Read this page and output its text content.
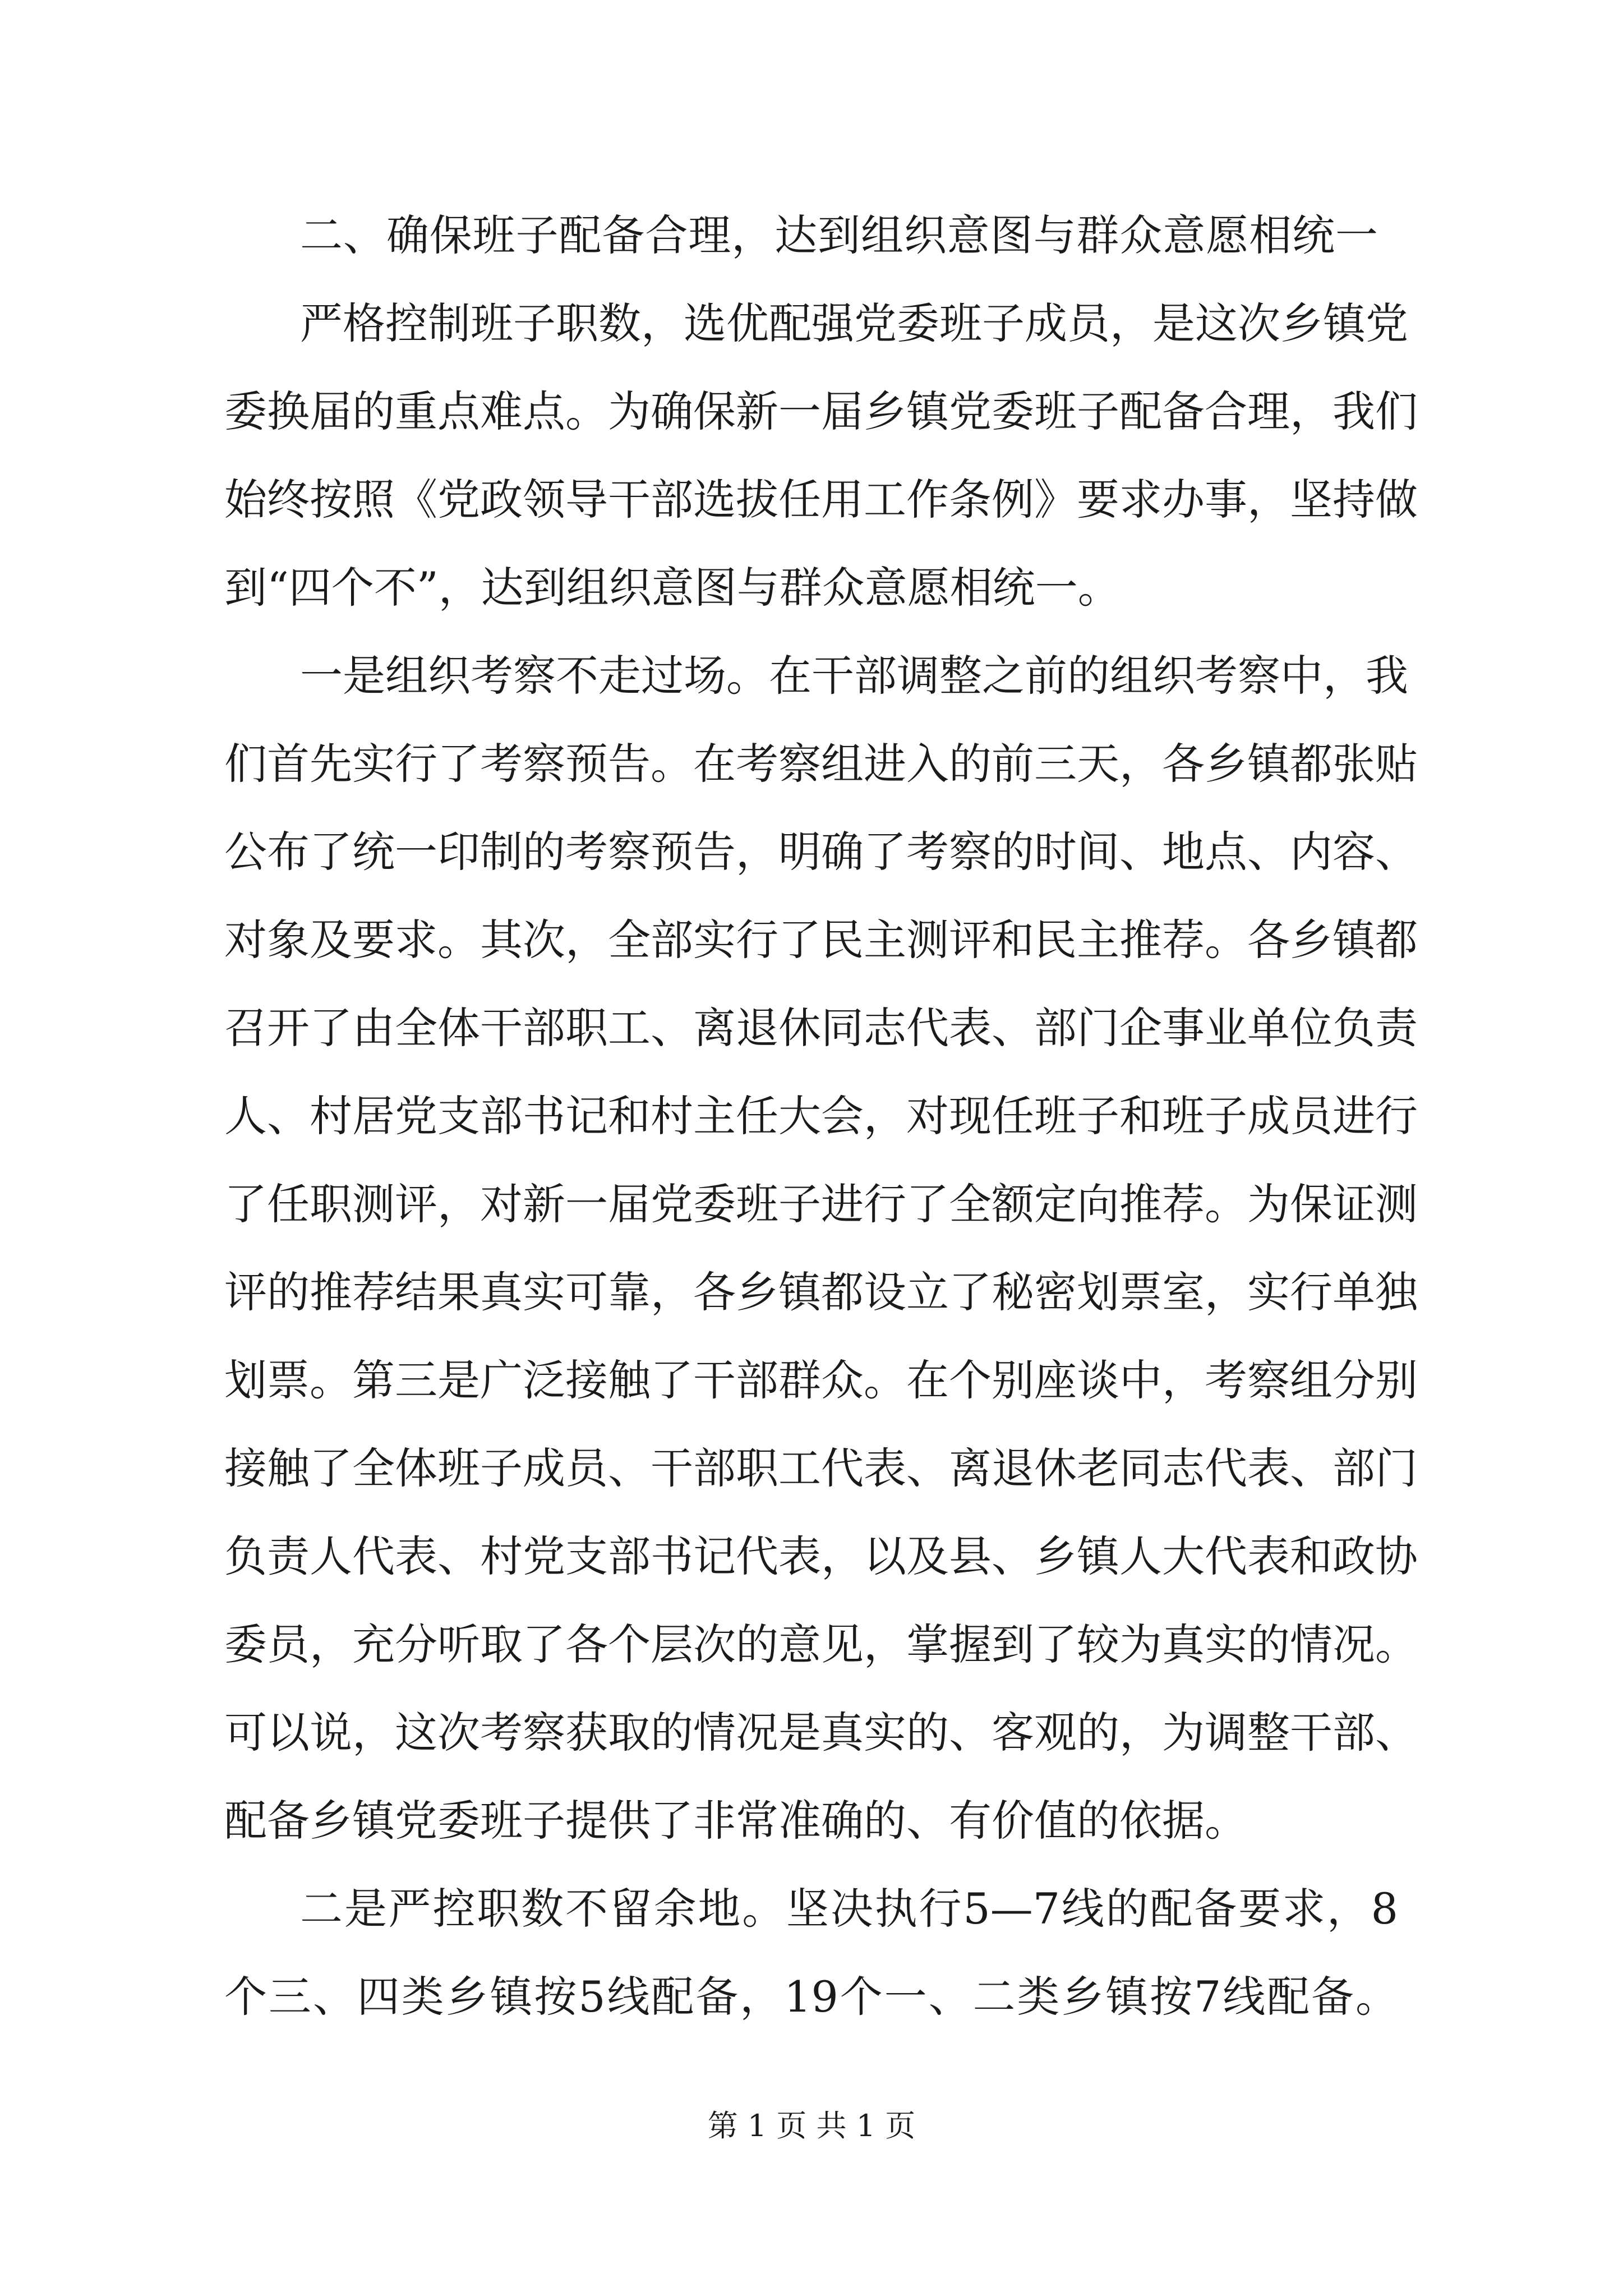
二、确保班子配备合理，达到组织意图与群众意愿相统一
严格控制班子职数，选优配强党委班子成员，是这次乡镇党
委换届的重点难点。为确保新一届乡镇党委班子配备合理，我们
始终按照《党政领导干部选拔任用工作条例》要求办事，坚持做
到“四个不”，达到组织意图与群众意愿相统一。
一是组织考察不走过场。在干部调整之前的组织考察中，我
们首先实行了考察预告。在考察组进入的前三天，各乡镇都张贴
公布了统一印制的考察预告，明确了考察的时间、地点、内容、
对象及要求。其次，全部实行了民主测评和民主推荐。各乡镇都
召开了由全体干部职工、离退休同志代表、部门企事业单位负责
人、村居党支部书记和村主任大会，对现任班子和班子成员进行
了任职测评，对新一届党委班子进行了全额定向推荐。为保证测
评的推荐结果真实可靠，各乡镇都设立了秘密划票室，实行单独
划票。第三是广泛接触了干部群众。在个别座谈中，考察组分别
接触了全体班子成员、干部职工代表、离退休老同志代表、部门
负责人代表、村党支部书记代表，以及县、乡镇人大代表和政协
委员，充分听取了各个层次的意见，掌握到了较为真实的情况。
可以说，这次考察获取的情况是真实的、客观的，为调整干部、
配备乡镇党委班子提供了非常准确的、有价值的依据。
二是严控职数不留余地。坚决执行5—7线的配备要求，8
个三、四类乡镇按5线配备，19个一、二类乡镇按7线配备。
第 1 页 共 1 页
